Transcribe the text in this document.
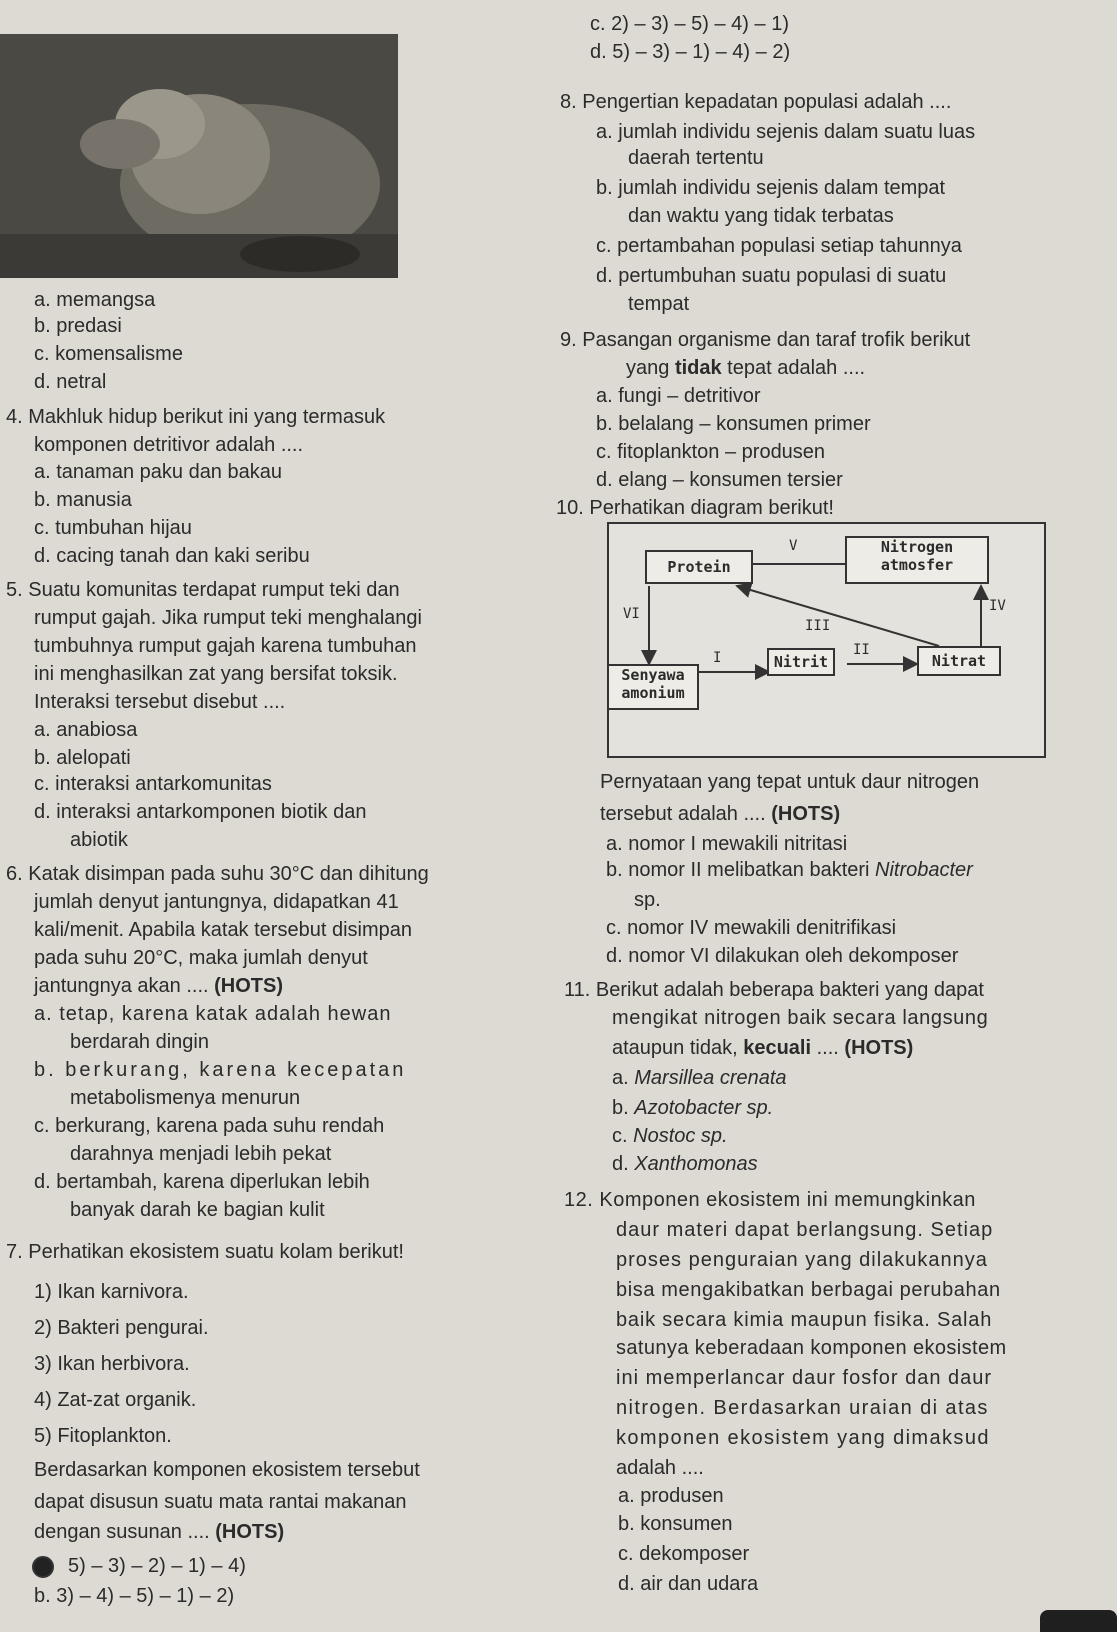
c. 2) – 3) – 5) – 4) – 1)
d. 5) – 3) – 1) – 4) – 2)
a. memangsa
b. predasi
c. komensalisme
d. netral
4. Makhluk hidup berikut ini yang termasuk
komponen detritivor adalah ....
a. tanaman paku dan bakau
b. manusia
c. tumbuhan hijau
d. cacing tanah dan kaki seribu
5. Suatu komunitas terdapat rumput teki dan
rumput gajah. Jika rumput teki menghalangi
tumbuhnya rumput gajah karena tumbuhan
ini menghasilkan zat yang bersifat toksik.
Interaksi tersebut disebut ....
a. anabiosa
b. alelopati
c. interaksi antarkomunitas
d. interaksi antarkomponen biotik dan
abiotik
6. Katak disimpan pada suhu 30°C dan dihitung
jumlah denyut jantungnya, didapatkan 41
kali/menit. Apabila katak tersebut disimpan
pada suhu 20°C, maka jumlah denyut
jantungnya akan .... (HOTS)
a. tetap, karena katak adalah hewan
berdarah dingin
b. berkurang, karena kecepatan
metabolismenya menurun
c. berkurang, karena pada suhu rendah
darahnya menjadi lebih pekat
d. bertambah, karena diperlukan lebih
banyak darah ke bagian kulit
7. Perhatikan ekosistem suatu kolam berikut!
1) Ikan karnivora.
2) Bakteri pengurai.
3) Ikan herbivora.
4) Zat-zat organik.
5) Fitoplankton.
Berdasarkan komponen ekosistem tersebut
dapat disusun suatu mata rantai makanan
dengan susunan .... (HOTS)
5) – 3) – 2) – 1) – 4)
b. 3) – 4) – 5) – 1) – 2)
8. Pengertian kepadatan populasi adalah ....
a. jumlah individu sejenis dalam suatu luas
daerah tertentu
b. jumlah individu sejenis dalam tempat
dan waktu yang tidak terbatas
c. pertambahan populasi setiap tahunnya
d. pertumbuhan suatu populasi di suatu
tempat
9. Pasangan organisme dan taraf trofik berikut
yang tidak tepat adalah ....
a. fungi – detritivor
b. belalang – konsumen primer
c. fitoplankton – produsen
d. elang – konsumen tersier
10. Perhatikan diagram berikut!
Nitrogen atmosfer
Protein
Nitrit	Nitrat
Senyawa amonium
I	II
III
IV
V
VI
Pernyataan yang tepat untuk daur nitrogen
tersebut adalah .... (HOTS)
a. nomor I mewakili nitritasi
b. nomor II melibatkan bakteri Nitrobacter
sp.
c. nomor IV mewakili denitrifikasi
d. nomor VI dilakukan oleh dekomposer
11. Berikut adalah beberapa bakteri yang dapat
mengikat nitrogen baik secara langsung
ataupun tidak, kecuali .... (HOTS)
a. Marsillea crenata
b. Azotobacter sp.
c. Nostoc sp.
d. Xanthomonas
12. Komponen ekosistem ini memungkinkan
daur materi dapat berlangsung. Setiap
proses penguraian yang dilakukannya
bisa mengakibatkan berbagai perubahan
baik secara kimia maupun fisika. Salah
satunya keberadaan komponen ekosistem
ini memperlancar daur fosfor dan daur
nitrogen. Berdasarkan uraian di atas
komponen ekosistem yang dimaksud
adalah ....
a. produsen
b. konsumen
c. dekomposer
d. air dan udara
